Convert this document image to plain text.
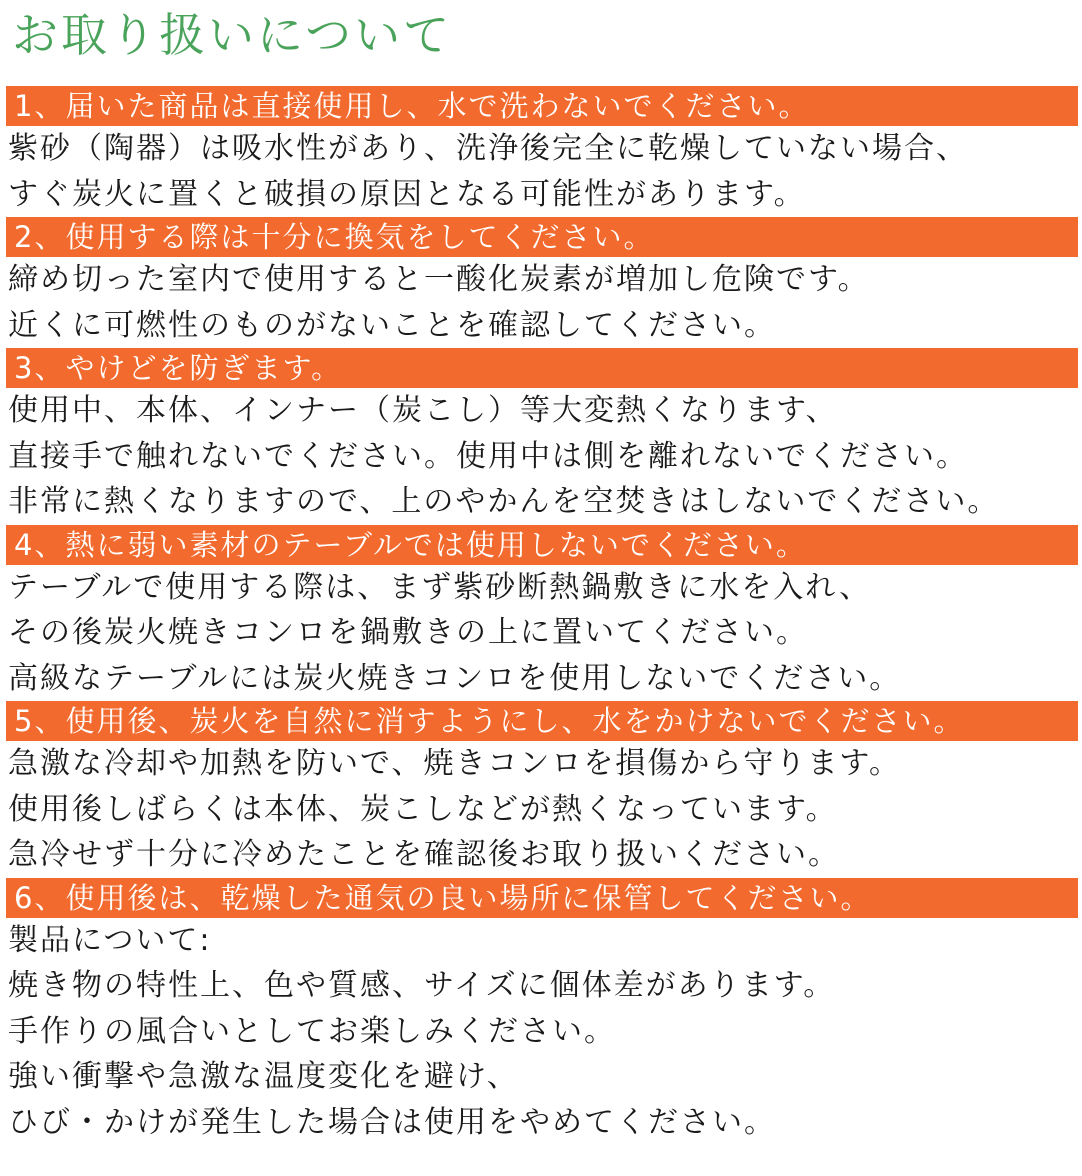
お取り扱いについて
1、届いた商品は直接使用し、水で洗わないでください。
紫砂（陶器）は吸水性があり、洗浄後完全に乾燥していない場合、
すぐ炭火に置くと破損の原因となる可能性があります。
2、使用する際は十分に換気をしてください。
締め切った室内で使用すると一酸化炭素が増加し危険です。
近くに可燃性のものがないことを確認してください。
3、やけどを防ぎます。
使用中、本体、インナー（炭こし）等大変熱くなります、
直接手で触れないでください。使用中は側を離れないでください。
非常に熱くなりますので、上のやかんを空焚きはしないでください。
4、熱に弱い素材のテーブルでは使用しないでください。
テーブルで使用する際は、まず紫砂断熱鍋敷きに水を入れ、
その後炭火焼きコンロを鍋敷きの上に置いてください。
高級なテーブルには炭火焼きコンロを使用しないでください。
5、使用後、炭火を自然に消すようにし、水をかけないでください。
急激な冷却や加熱を防いで、焼きコンロを損傷から守ります。
使用後しばらくは本体、炭こしなどが熱くなっています。
急冷せず十分に冷めたことを確認後お取り扱いください。
6、使用後は、乾燥した通気の良い場所に保管してください。
製品について:
焼き物の特性上、色や質感、サイズに個体差があります。
手作りの風合いとしてお楽しみください。
強い衝撃や急激な温度変化を避け、
ひび・かけが発生した場合は使用をやめてください。
